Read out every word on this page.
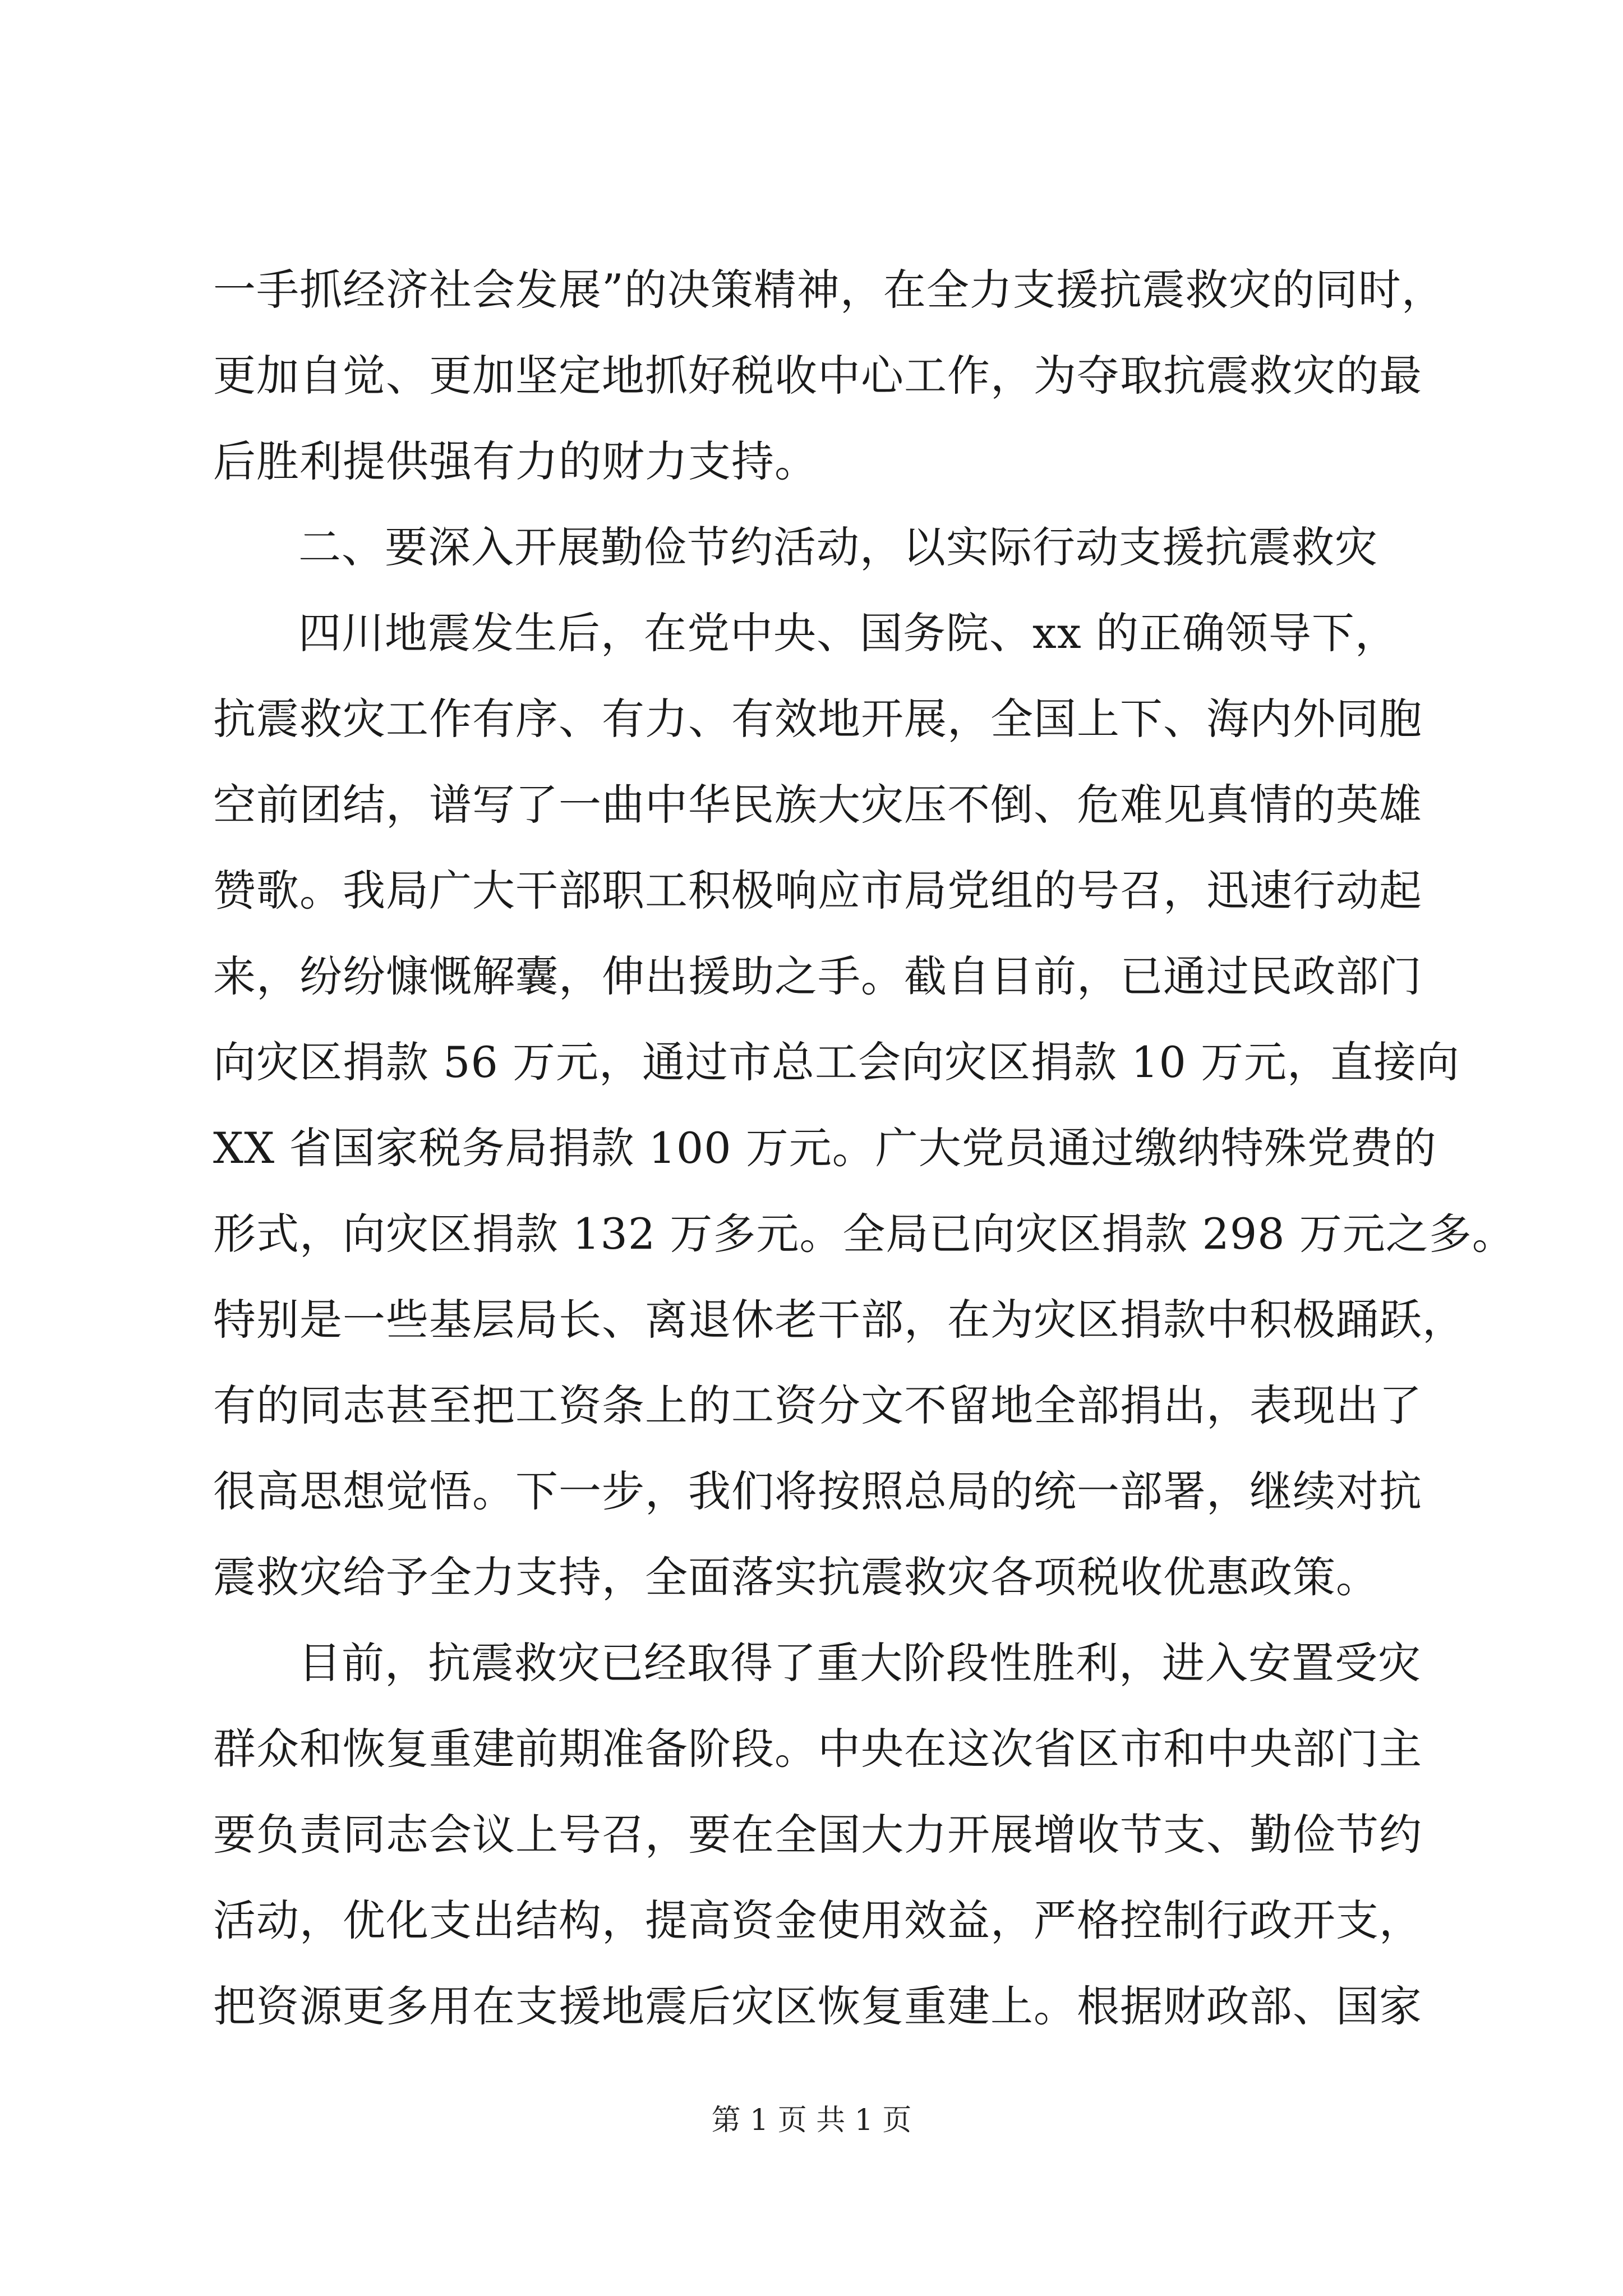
一手抓经济社会发展”的决策精神，在全力支援抗震救灾的同时，
更加自觉、更加坚定地抓好税收中心工作，为夺取抗震救灾的最
后胜利提供强有力的财力支持。
二、要深入开展勤俭节约活动，以实际行动支援抗震救灾
四川地震发生后，在党中央、国务院、xx 的正确领导下，
抗震救灾工作有序、有力、有效地开展，全国上下、海内外同胞
空前团结，谱写了一曲中华民族大灾压不倒、危难见真情的英雄
赞歌。我局广大干部职工积极响应市局党组的号召，迅速行动起
来，纷纷慷慨解囊，伸出援助之手。截自目前，已通过民政部门
向灾区捐款 56 万元，通过市总工会向灾区捐款 10 万元，直接向
XX 省国家税务局捐款 100 万元。广大党员通过缴纳特殊党费的
形式，向灾区捐款 132 万多元。全局已向灾区捐款 298 万元之多。
特别是一些基层局长、离退休老干部，在为灾区捐款中积极踊跃，
有的同志甚至把工资条上的工资分文不留地全部捐出，表现出了
很高思想觉悟。下一步，我们将按照总局的统一部署，继续对抗
震救灾给予全力支持，全面落实抗震救灾各项税收优惠政策。
目前，抗震救灾已经取得了重大阶段性胜利，进入安置受灾
群众和恢复重建前期准备阶段。中央在这次省区市和中央部门主
要负责同志会议上号召，要在全国大力开展增收节支、勤俭节约
活动，优化支出结构，提高资金使用效益，严格控制行政开支，
把资源更多用在支援地震后灾区恢复重建上。根据财政部、国家
第 1 页 共 1 页
